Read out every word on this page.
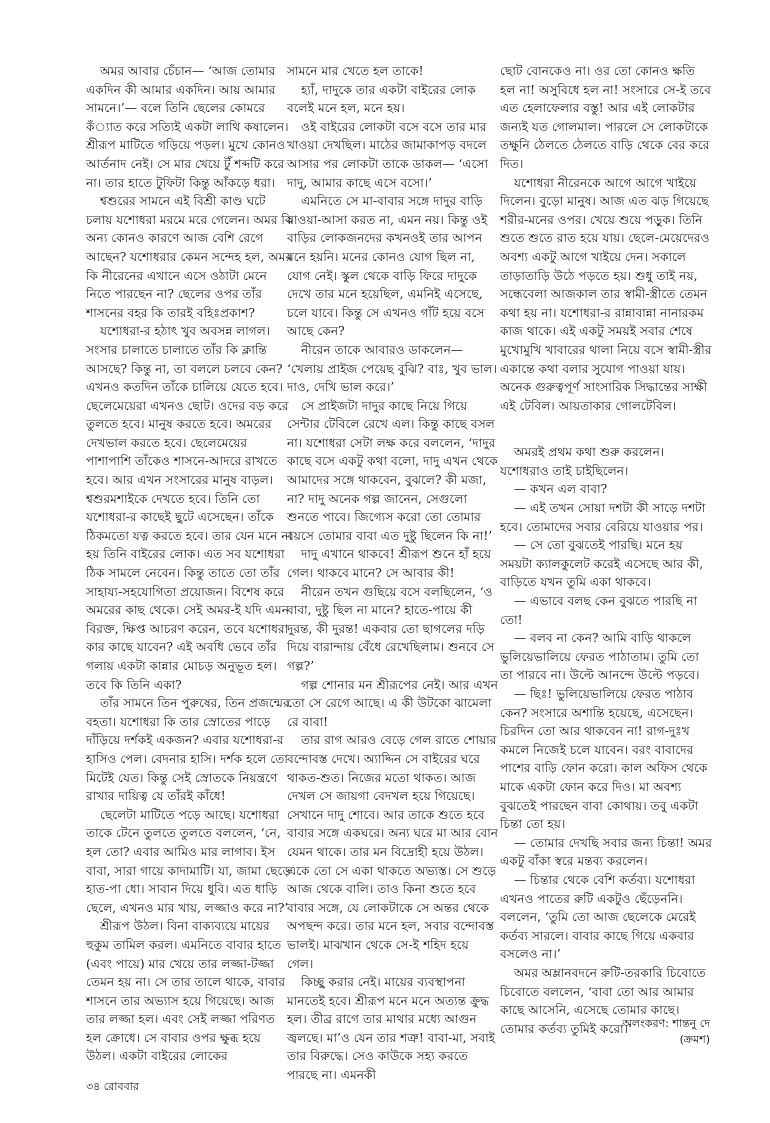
অমর আবার চেঁচান— ‘আজ তোমার একদিন কী আমার একদিন। আয় আমার সামনে।’— বলে তিনি ছেলের কোমরে কঁ্যাত করে সত্যিই একটা লাথি কষালেন। শ্রীরূপ মাটিতে গড়িয়ে পড়ল। মুখে কোনও আর্তনাদ নেই। সে মার খেয়ে টুঁ শব্দটি করে না। তার হাতে টুফিটা কিন্তু আঁকড়ে ধরা।

শ্বশুরের সামনে এই বিশ্রী কাণ্ড ঘটে চলায় যশোধরা মরমে মরে গেলেন। অমর কি অন্য কোনও কারণে আজ বেশি রেগে আছেন? যশোধরার কেমন সন্দেহ হল, অমর কি নীরেনের এখানে এসে ওঠাটা মেনে নিতে পারছেন না? ছেলের ওপর তাঁর শাসনের বহর কি তারই বহিঃপ্রকাশ?

যশোধরা-র হঠাৎ খুব অবসন্ন লাগল। সংসার চালাতে চালাতে তাঁর কি ক্লান্তি আসছে? কিন্তু না, তা বললে চলবে কেন? এখনও কতদিন তাঁকে চালিয়ে যেতে হবে। ছেলেমেয়েরা এখনও ছোট। ওদের বড় করে তুলতে হবে। মানুষ করতে হবে। অমরের দেখভাল করতে হবে। ছেলেমেয়ের পাশাপাশি তাঁকেও শাসনে-আদরে রাখতে হবে। আর এখন সংসারের মানুষ বাড়ল। শ্বশুরমশাইকে দেখতে হবে। তিনি তো যশোধরা-র কাছেই ছুটে এসেছেন। তাঁকে ঠিকমতো যত্ন করতে হবে। তার যেন মনে না হয় তিনি বাইরের লোক। এত সব যশোধরা ঠিক সামলে নেবেন। কিন্তু তাতে তো তাঁর সাহায্য-সহযোগিতা প্রয়োজন। বিশেষ করে অমরের কাছ থেকে। সেই অমর-ই যদি এমন বিরক্ত, ক্ষিপ্ত আচরণ করেন, তবে যশোধরা কার কাছে যাবেন? এই অবধি ভেবে তাঁর গলায় একটা কান্নার মোচড় অনুভূত হল। তবে কি তিনি একা?

তাঁর সামনে তিন পুরুষের, তিন প্রজন্মের বহতা। যশোধরা কি তার স্রোতের পাড়ে দাঁড়িয়ে দর্শকই একজন? এবার যশোধরা-র হাসিও পেল। বেদনার হাসি। দর্শক হলে তো মিটেই যেত। কিন্তু সেই স্রোতকে নিয়ন্ত্রণে রাখার দায়িত্ব যে তাঁরই কাঁধে!

ছেলেটা মাটিতে পড়ে আছে। যশোধরা তাকে টেনে তুলতে তুলতে বললেন, ‘নে, হল তো? এবার আমিও মার লাগাব। ইস বাবা, সারা গায়ে কাদামাটি। যা, জামা ছেড়ে হাত-পা ধো। সাবান দিয়ে ধুবি। এত ধাড়ি ছেলে, এখনও মার খায়, লজ্জাও করে না?’

শ্রীরূপ উঠল। বিনা বাক্যব্যয়ে মায়ের হুকুম তামিল করল। এমনিতে বাবার হাতে (এবং পায়ে) মার খেয়ে তার লজ্জা-টজ্জা তেমন হয় না। সে তার তালে থাকে, বাবার শাসনে তার অভ্যাস হয়ে গিয়েছে। আজ তার লজ্জা হল। এবং সেই লজ্জা পরিণত হল ক্রোধে। সে বাবার ওপর ক্ষুব্ধ হয়ে উঠল। একটা বাইরের লোকের

সামনে মার খেতে হল তাকে!

হ্যাঁ, দাদুকে তার একটা বাইরের লোক বলেই মনে হল, মনে হয়।

ওই বাইরের লোকটা বসে বসে তার মার খাওয়া দেখছিল। মাঠের জামাকাপড় বদলে আসার পর লোকটা তাকে ডাকল— ‘এসো দাদু, আমার কাছে এসে বসো।’

এমনিতে সে মা-বাবার সঙ্গে দাদুর বাড়ি যাওয়া-আসা করত না, এমন নয়। কিন্তু ওই বাড়ির লোকজনদের কখনওই তার আপন মনে হয়নি। মনের কোনও যোগ ছিল না, যোগ নেই। স্কুল থেকে বাড়ি ফিরে দাদুকে দেখে তার মনে হয়েছিল, এমনিই এসেছে, চলে যাবে। কিন্তু সে এখনও গাঁট হয়ে বসে আছে কেন?

নীরেন তাকে আবারও ডাকলেন— ‘খেলায় প্রাইজ পেয়েছ বুঝি? বাঃ, খুব ভাল। দাও, দেখি ভাল করে।’

সে প্রাইজটা দাদুর কাছে নিয়ে গিয়ে সেন্টার টেবিলে রেখে এল। কিন্তু কাছে বসল না। যশোধরা সেটা লক্ষ করে বললেন, ‘দাদুর কাছে বসে একটু কথা বলো, দাদু এখন থেকে আমাদের সঙ্গে থাকবেন, বুঝলে? কী মজা, না? দাদু অনেক গল্প জানেন, সেগুলো শুনতে পাবে। জিগ্যেস করো তো তোমার বয়সে তোমার বাবা এত দুষ্টু ছিলেন কি না!’

দাদু এখানে থাকবে! শ্রীরূপ শুনে হাঁ হয়ে গেল। থাকবে মানে? সে আবার কী!

নীরেন তখন গুছিয়ে বসে বলছিলেন, ‘ও বাবা, দুষ্টু ছিল না মানে? হাতে-পায়ে কী দুরন্ত, কী দুরন্ত! একবার তো ছাগলের দড়ি দিয়ে বারান্দায় বেঁধে রেখেছিলাম। শুনবে সে গল্প?’

গল্প শোনার মন শ্রীরূপের নেই। আর এখন তো সে রেগে আছে। এ কী উটকো ঝামেলা রে বাবা!

তার রাগ আরও বেড়ে গেল রাতে শোয়ার বন্দোবস্ত দেখে। অ্যাদ্দিন সে বাইরের ঘরে থাকত-শুত। নিজের মতো থাকত। আজ দেখল সে জায়গা বেদখল হয়ে গিয়েছে। সেখানে দাদু শোবে। আর তাকে শুতে হবে বাবার সঙ্গে একঘরে। অন্য ঘরে মা আর বোন যেমন থাকে। তার মন বিদ্রোহী হয়ে উঠল। একে তো সে একা থাকতে অভ্যস্ত। সে শুড়ে আজ থেকে বালি। তাও কিনা শুতে হবে বাবার সঙ্গে, যে লোকটাকে সে অন্তর থেকে অপছন্দ করে। তার মনে হল, সবার বন্দোবস্ত ভালই। মাঝখান থেকে সে-ই শহিদ হয়ে গেল।

কিচ্ছু করার নেই। মায়ের ব্যবস্থাপনা মানতেই হবে। শ্রীরূপ মনে মনে অত্যন্ত ক্রুদ্ধ হল। তীব্র রাগে তার মাথার মধ্যে আগুন জ্বলছে। মা’ও যেন তার শত্রু! বাবা-মা, সবাই তার বিরুদ্ধে। সেও কাউকে সহ্য করতে পারছে না। এমনকী

ছোট বোনকেও না। ওর তো কোনও ক্ষতি হল না! অসুবিধে হল না! সংসারে সে-ই তবে এত হেলাফেলার বস্তু! আর এই লোকটার জন্যই যত গোলমাল। পারলে সে লোকটাকে তক্ষুনি ঠেলতে ঠেলতে বাড়ি থেকে বের করে দিত।

যশোধরা নীরেনকে আগে আগে খাইয়ে দিলেন। বুড়ো মানুষ। আজ এত ঝড় গিয়েছে শরীর-মনের ওপর। খেয়ে শুয়ে পড়ুক। তিনি শুতে শুতে রাত হয়ে যায়। ছেলে-মেয়েদেরও অবশ্য একটু আগে খাইয়ে দেন। সকালে তাড়াতাড়ি উঠে পড়তে হয়। শুধু তাই নয়, সন্ধেবেলা আজকাল তার স্বামী-স্ত্রীতে তেমন কথা হয় না। যশোধরা-র রান্নাবান্না নানারকম কাজ থাকে। এই একটু সময়ই সবার শেষে মুখোমুখি খাবারের থালা নিয়ে বসে স্বামী-স্ত্রীর একান্তে কথা বলার সুযোগ পাওয়া যায়। অনেক গুরুত্বপূর্ণ সাংসারিক সিদ্ধান্তের সাক্ষী এই টেবিল। আয়তাকার গোলটেবিল।

অমরই প্রথম কথা শুরু করলেন। যশোধরাও তাই চাইছিলেন।

— কখন এল বাবা?

— এই তখন সোয়া দশটা কী সাড়ে দশটা হবে। তোমাদের সবার বেরিয়ে যাওয়ার পর।

— সে তো বুঝতেই পারছি। মনে হয় সময়টা ক্যালকুলেট করেই এসেছে আর কী, বাড়িতে যখন তুমি একা থাকবে।

— এভাবে বলছ কেন বুঝতে পারছি না তো!

— বলব না কেন? আমি বাড়ি থাকলে ভুলিয়েভালিয়ে ফেরত পাঠাতাম। তুমি তো তা পারবে না। উল্টে আনন্দে উল্টে পড়বে।

— ছিঃ! ভুলিয়েভালিয়ে ফেরত পাঠাব কেন? সংসারে অশান্তি হয়েছে, এসেছেন। চিরদিন তো আর থাকবেন না! রাগ-দুঃখ কমলে নিজেই চলে যাবেন। বরং বাবাদের পাশের বাড়ি ফোন করো। কাল অফিস থেকে মাকে একটা ফোন করে দিও। মা অবশ্য বুঝতেই পারছেন বাবা কোথায়। তবু একটা চিন্তা তো হয়।

— তোমার দেখছি সবার জন্য চিন্তা! অমর একটু বাঁকা স্বরে মন্তব্য করলেন।

— চিন্তার থেকে বেশি কর্তব্য। যশোধরা এখনও পাতের রুটি একটুও ছেঁড়েননি। বললেন, ‘তুমি তো আজ ছেলেকে মেরেই কর্তব্য সারলে। বাবার কাছে গিয়ে একবার বসলেও না।’

অমর অম্লানবদনে রুটি-তরকারি চিবোতে চিবোতে বললেন, ‘বাবা তো আর আমার কাছে আসেনি, এসেছে তোমার কাছে। তোমার কর্তব্য তুমিই করো।’

অলংকরণ: শান্তনু দে
(ক্রমশ)
৩৪ রোববার
